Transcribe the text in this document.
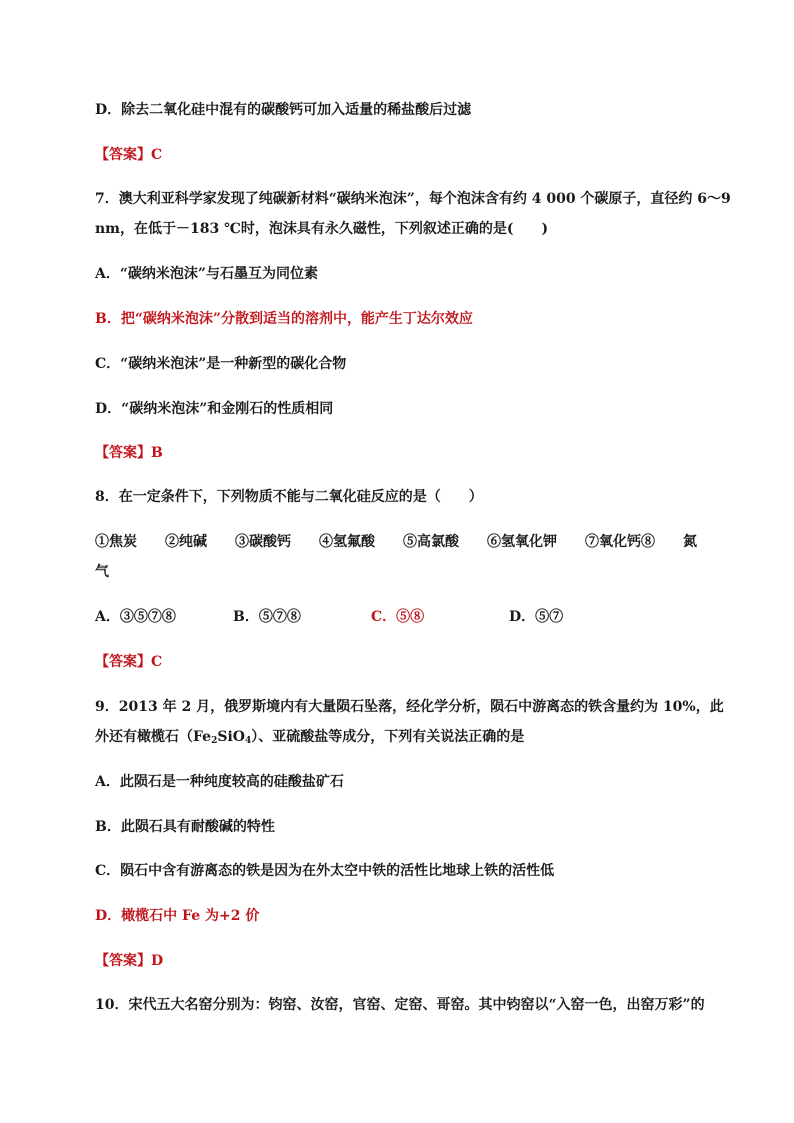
D．除去二氧化硅中混有的碳酸钙可加入适量的稀盐酸后过滤
【答案】C
7．澳大利亚科学家发现了纯碳新材料“碳纳米泡沫”，每个泡沫含有约 4 000 个碳原子，直径约 6～9
nm，在低于－183 ℃时，泡沫具有永久磁性，下列叙述正确的是(　　)
A．“碳纳米泡沫”与石墨互为同位素
B．把“碳纳米泡沫”分散到适当的溶剂中，能产生丁达尔效应
C．“碳纳米泡沫”是一种新型的碳化合物
D．“碳纳米泡沫”和金刚石的性质相同
【答案】B
8．在一定条件下，下列物质不能与二氧化硅反应的是（　　）
①焦炭 ②纯碱 ③碳酸钙 ④氢氟酸 ⑤高氯酸 ⑥氢氧化钾 ⑦氧化钙⑧ 氮
气
A．③⑤⑦⑧	B．⑤⑦⑧	C．⑤⑧	D．⑤⑦
【答案】C
9．2013 年 2 月，俄罗斯境内有大量陨石坠落，经化学分析，陨石中游离态的铁含量约为 10%，此
外还有橄榄石$(Fe_2SiO_4)$、亚硫酸盐等成分，下列有关说法正确的是
A．此陨石是一种纯度较高的硅酸盐矿石
B．此陨石具有耐酸碱的特性
C．陨石中含有游离态的铁是因为在外太空中铁的活性比地球上铁的活性低
D．橄榄石中 Fe 为+2 价
【答案】D
10．宋代五大名窑分别为：钧窑、汝窑，官窑、定窑、哥窑。其中钧窑以“入窑一色，出窑万彩”的
